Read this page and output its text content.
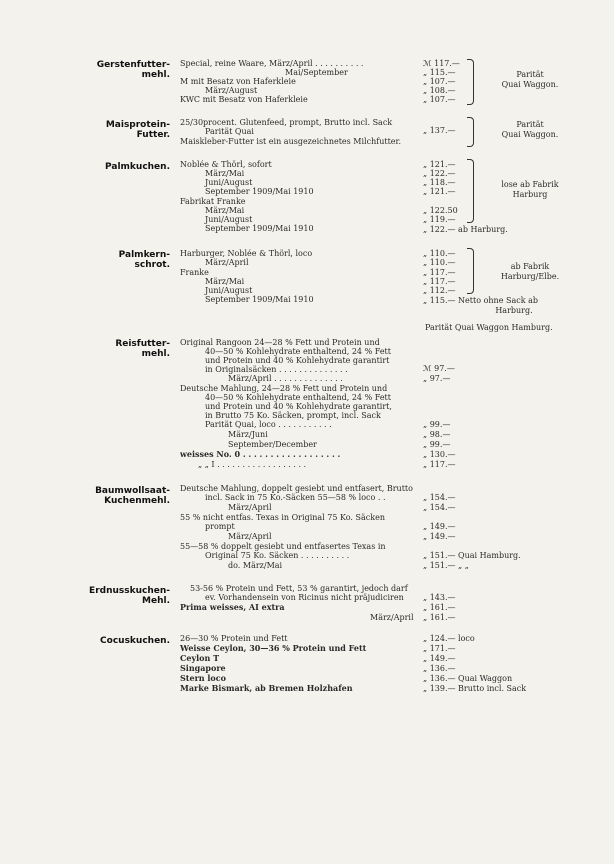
Gerstenfutter-
mehl.
Maisprotein-
Futter.
Palmkuchen.
Palmkern-
schrot.
Reisfutter-
mehl.
Baumwollsaat-
Kuchenmehl.
Erdnusskuchen-
Mehl.
Cocuskuchen.
Special, reine Waare, März/April . . . . . . . . . .
Mai/September
M mit Besatz von Haferkleie
März/August
KWC mit Besatz von Haferkleie
ℳ 117.—
„ 115.—
„ 107.—
„ 108.—
„ 107.—
Parität
Quai Waggon.
25/30procent. Glutenfeed, prompt, Brutto incl. Sack
Parität Quai
Maiskleber-Futter ist ein ausgezeichnetes Milchfutter.
„ 137.—
Parität
Quai Waggon.
Noblée & Thörl, sofort
März/Mai
Juni/August
September 1909/Mai 1910
Fabrikat Franke
März/Mai
Juni/August
September 1909/Mai 1910
„ 121.—
„ 122.—
„ 118.—
„ 121.—
„ 122.50
„ 119.—
„ 122.— ab Harburg.
lose ab Fabrik
Harburg
Harburger, Noblée & Thörl, loco
März/April
Franke
März/Mai
Juni/August
September 1909/Mai 1910
„ 110.—
„ 110.—
„ 117.—
„ 117.—
„ 112.—
„ 115.— Netto ohne Sack ab
ab Fabrik
Harburg/Elbe.
Harburg.
Parität Quai Waggon Hamburg.
Original Rangoon 24—28 % Fett und Protein und
40—50 % Kohlehydrate enthaltend, 24 % Fett
und Protein und 40 % Kohlehydrate garantirt
in Originalsäcken . . . . . . . . . . . . . .
März/April . . . . . . . . . . . . . .
Deutsche Mahlung, 24—28 % Fett und Protein und
40—50 % Kohlehydrate enthaltend, 24 % Fett
und Protein und 40 % Kohlehydrate garantirt,
in Brutto 75 Ko. Säcken, prompt, incl. Sack
Parität Quai, loco . . . . . . . . . . .
März/Juni
September/December
weisses No. 0 . . . . . . . . . . . . . . . . . .
„ „ I . . . . . . . . . . . . . . . . . .
ℳ 97.—
„ 97.—
„ 99.—
„ 98.—
„ 99.—
„ 130.—
„ 117.—
Deutsche Mahlung, doppelt gesiebt und entfasert, Brutto
incl. Sack in 75 Ko.-Säcken 55—58 % loco . .
März/April
55 % nicht entfas. Texas in Original 75 Ko. Säcken
prompt
März/April
55—58 % doppelt gesiebt und entfasertes Texas in
Original 75 Ko. Säcken . . . . . . . . . .
do. März/Mai
„ 154.—
„ 154.—
„ 149.—
„ 149.—
„ 151.— Quai Hamburg.
„ 151.— „ „
53-56 % Protein und Fett, 53 % garantirt, jedoch darf
ev. Vorhandensein von Ricinus nicht präjudiciren
Prima weisses, AI extra
März/April
„ 143.—
„ 161.—
„ 161.—
26—30 % Protein und Fett
Weisse Ceylon, 30—36 % Protein und Fett
Ceylon T
Singapore
Stern loco
Marke Bismark, ab Bremen Holzhafen
„ 124.— loco
„ 171.—
„ 149.—
„ 136.—
„ 136.— Quai Waggon
„ 139.— Brutto incl. Sack
